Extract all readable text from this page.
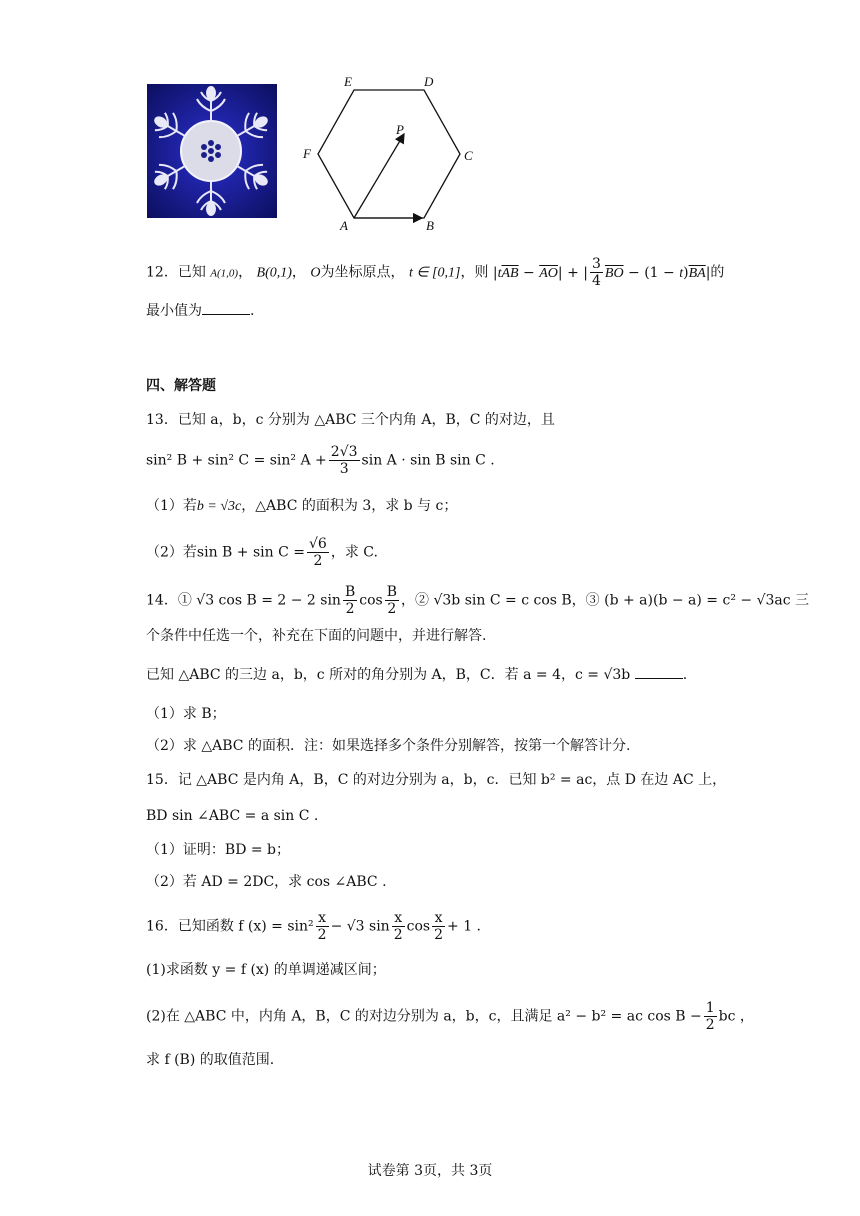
E	D
F	C
A	B
P
12．已知 A(1,0)， B(0,1)， O为坐标原点， t ∈ [0,1]，则 $|t\overline{AB} - \overline{AO}|$ + | $\frac{3}{4} \overline{BO} - (1 - t)\overline{BA}|$的
最小值为	.
四、解答题
13．已知 a，b，c 分别为 △ABC 三个内角 A，B，C 的对边，且
sin² B + sin² C = sin² $A + \frac{2√3}{3}$ sin A · sin B sin C .
（1）若b = √3c，△ABC 的面积为 3，求 b 与 c；
（2）若$\sin B + \sin C = \frac{√6}{2}$ ，求 C.
14．① √3 cos B = 2 − 2 $\sin \frac{B}{2}$ $\cos \frac{B}{2}$ ，② √3b sin C = c cos B，③ (b + a)(b − a) = c² − √3ac 三
个条件中任选一个，补充在下面的问题中，并进行解答.
已知 △ABC 的三边 a，b，c 所对的角分别为 A，B，C．若 a = 4，c = √3b	.
（1）求 B；
（2）求 △ABC 的面积．注：如果选择多个条件分别解答，按第一个解答计分.
15．记 △ABC 是内角 A，B，C 的对边分别为 a，b，c．已知 b² = ac，点 D 在边 AC 上，
BD sin ∠ABC = a sin C .
（1）证明：BD = b；
（2）若 AD = 2DC，求 cos ∠ABC .
16．已知函数 f $(x) = \sin^2 \frac{x}{2} - √3$ $\sin \frac{x}{2}$ $\cos \frac{x}{2} + 1$ .
(1)求函数 y = f (x) 的单调递减区间；
(2)在 △ABC 中，内角 A，B，C 的对边分别为 a，b，c，且满足 a² − b² = ac $\cos B - \frac{1}{2}$ bc ，
求 f (B) 的取值范围.
试卷第 3页，共 3页
